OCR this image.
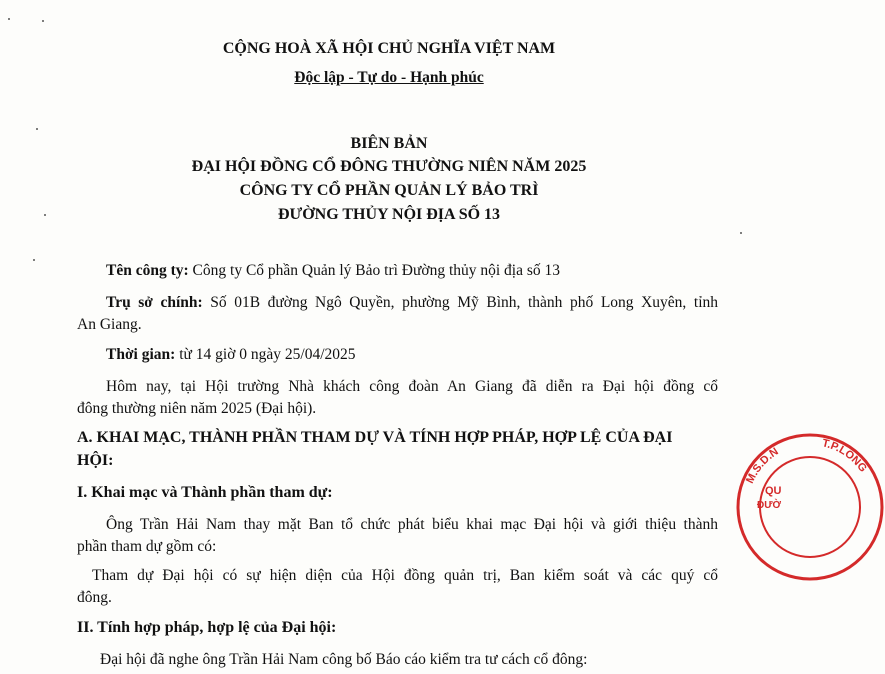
CỘNG HOÀ XÃ HỘI CHỦ NGHĨA VIỆT NAM
Độc lập - Tự do - Hạnh phúc
BIÊN BẢN
ĐẠI HỘI ĐỒNG CỔ ĐÔNG THƯỜNG NIÊN NĂM 2025
CÔNG TY CỔ PHẦN QUẢN LÝ BẢO TRÌ
ĐƯỜNG THỦY NỘI ĐỊA SỐ 13
Tên công ty: Công ty Cổ phần Quản lý Bảo trì Đường thủy nội địa số 13
Trụ sở chính: Số 01B đường Ngô Quyền, phường Mỹ Bình, thành phố Long Xuyên, tỉnh
An Giang.
Thời gian: từ 14 giờ 0 ngày 25/04/2025
Hôm nay, tại Hội trường Nhà khách công đoàn An Giang đã diễn ra Đại hội đồng cổ
đông thường niên năm 2025 (Đại hội).
A. KHAI MẠC, THÀNH PHẦN THAM DỰ VÀ TÍNH HỢP PHÁP, HỢP LỆ CỦA ĐẠI
HỘI:
I. Khai mạc và Thành phần tham dự:
Ông Trần Hải Nam thay mặt Ban tổ chức phát biểu khai mạc Đại hội và giới thiệu thành
phần tham dự gồm có:
Tham dự Đại hội có sự hiện diện của Hội đồng quản trị, Ban kiểm soát và các quý cổ
đông.
II. Tính hợp pháp, hợp lệ của Đại hội:
Đại hội đã nghe ông Trần Hải Nam công bố Báo cáo kiểm tra tư cách cổ đông:
M.S.D.N
QU
ĐƯỜ
T.P.LONG
